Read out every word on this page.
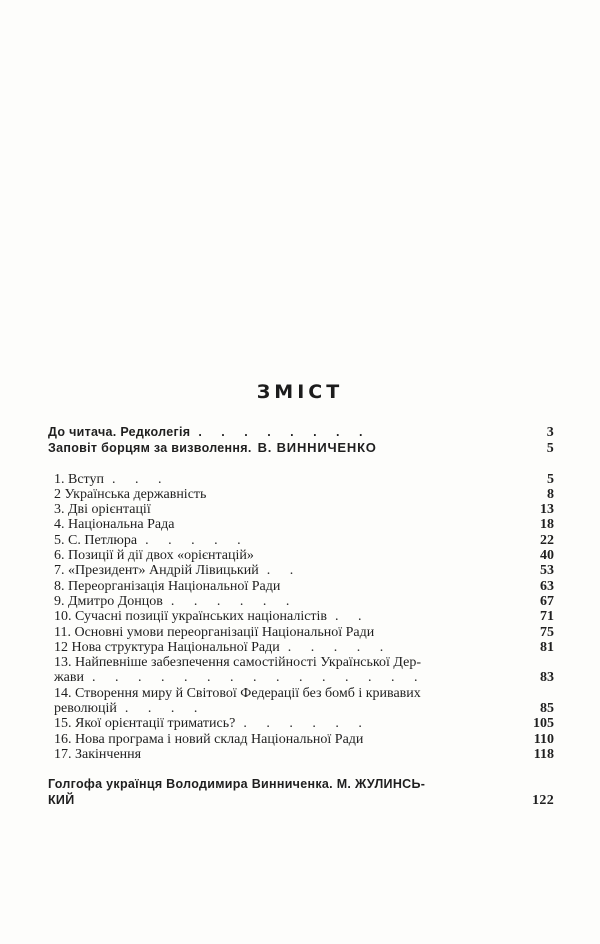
ЗМІСТ
До читача. Редколегія . . . . . . . .	3
Заповіт борцям за визволення. В. ВИННИЧЕНКО	5
1. Вступ . . .	5
2 Українська державність	8
3. Дві орієнтації	13
4. Національна Рада	18
5. С. Петлюра . . . . .	22
6. Позиції й дії двох «орієнтацій»	40
7. «Президент» Андрій Лівицький . .	53
8. Переорганізація Національної Ради	63
9. Дмитро Донцов . . . . . .	67
10. Сучасні позиції українських націоналістів . .	71
11. Основні умови переорганізації Національної Ради	75
12 Нова структура Національної Ради . . . . .	81
13. Найпевніше забезпечення самостійності Української Дер-
жави . . . . . . . . . . . . . . .	83
14. Створення миру й Світової Федерації без бомб і кривавих
революцій . . . .	85
15. Якої орієнтації триматись? . . . . . .	105
16. Нова програма і новий склад Національної Ради	110
17. Закінчення	118
Голгофа українця Володимира Винниченка. М. ЖУЛИНСЬ-
КИЙ	122
